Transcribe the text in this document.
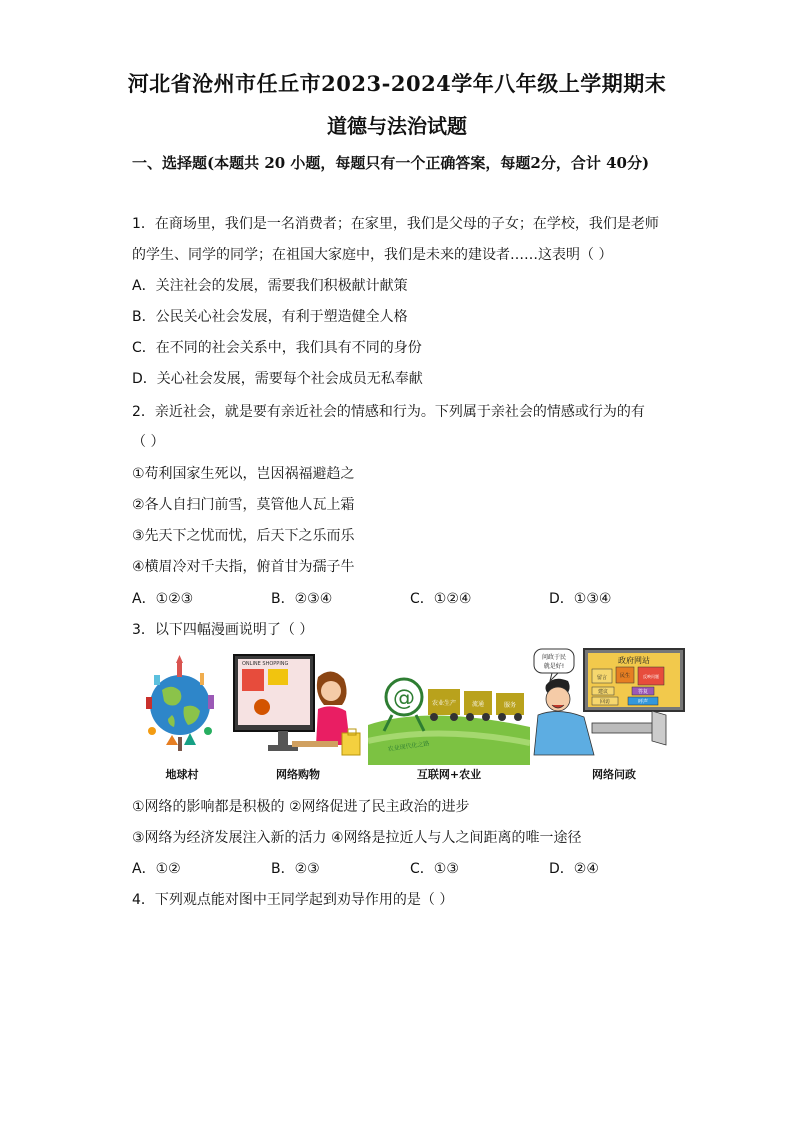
河北省沧州市任丘市2023-2024学年八年级上学期期末
道德与法治试题
一、选择题(本题共 20 小题，每题只有一个正确答案，每题2分，合计 40分)
1．在商场里，我们是一名消费者；在家里，我们是父母的子女；在学校，我们是老师
的学生、同学的同学；在祖国大家庭中，我们是未来的建设者……这表明（ ）
A．关注社会的发展，需要我们积极献计献策
B．公民关心社会发展，有利于塑造健全人格
C．在不同的社会关系中，我们具有不同的身份
D．关心社会发展，需要每个社会成员无私奉献
2．亲近社会，就是要有亲近社会的情感和行为。下列属于亲社会的情感或行为的有
（ ）
①苟利国家生死以，岂因祸福避趋之
②各人自扫门前雪，莫管他人瓦上霜
③先天下之忧而忧，后天下之乐而乐
④横眉冷对千夫指，俯首甘为孺子牛
A．①②③	B．②③④	C．①②④	D．①③④
3．以下四幅漫画说明了（ ）
地球村
ONLINE SHOPPING
网络购物
@	农业生产	流通	服务
农业现代化之路
互联网+农业
政府网站
留言	民生	反映问题
建议	答复
回访	呼声
问政于民
就是好!
网络问政
①网络的影响都是积极的 ②网络促进了民主政治的进步
③网络为经济发展注入新的活力 ④网络是拉近人与人之间距离的唯一途径
A．①②	B．②③	C．①③	D．②④
4．下列观点能对图中王同学起到劝导作用的是（ ）
